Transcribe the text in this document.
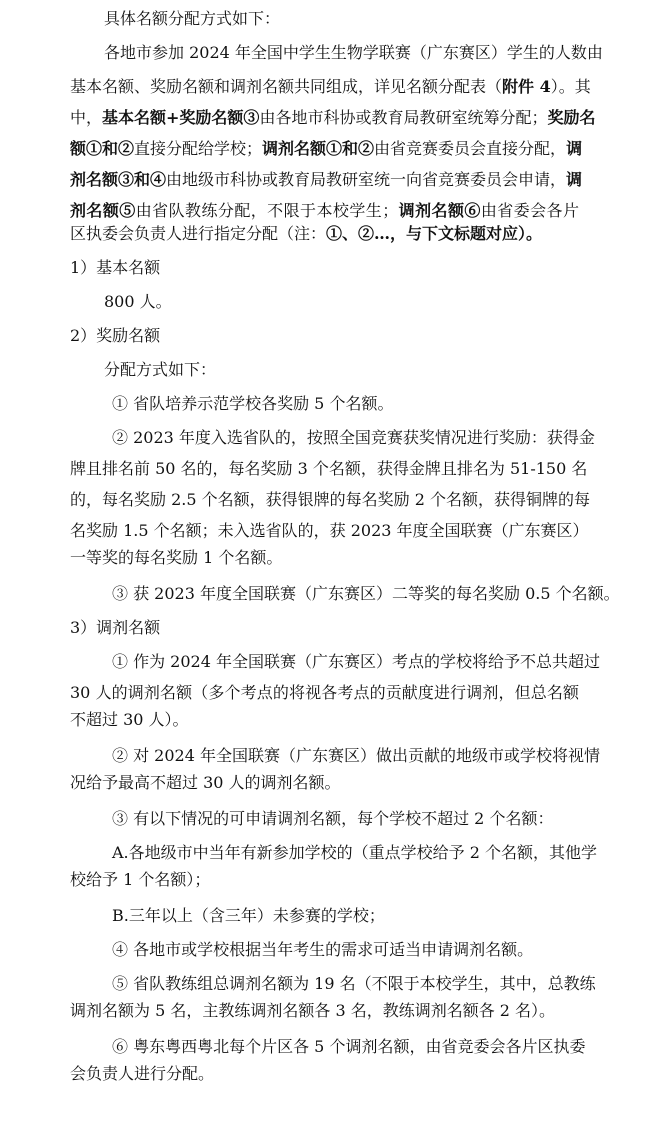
具体名额分配方式如下：
各地市参加 2024 年全国中学生生物学联赛（广东赛区）学生的人数由
基本名额、奖励名额和调剂名额共同组成，详见名额分配表（附件 4）。其
中，基本名额+奖励名额③由各地市科协或教育局教研室统筹分配；奖励名
额①和②直接分配给学校；调剂名额①和②由省竞赛委员会直接分配，调
剂名额③和④由地级市科协或教育局教研室统一向省竞赛委员会申请，调
剂名额⑤由省队教练分配，不限于本校学生；调剂名额⑥由省委会各片
区执委会负责人进行指定分配（注：①、②…，与下文标题对应）。
1）基本名额
800 人。
2）奖励名额
分配方式如下：
① 省队培养示范学校各奖励 5 个名额。
② 2023 年度入选省队的，按照全国竞赛获奖情况进行奖励：获得金
牌且排名前 50 名的，每名奖励 3 个名额，获得金牌且排名为 51-150 名
的，每名奖励 2.5 个名额，获得银牌的每名奖励 2 个名额，获得铜牌的每
名奖励 1.5 个名额；未入选省队的，获 2023 年度全国联赛（广东赛区）
一等奖的每名奖励 1 个名额。
③ 获 2023 年度全国联赛（广东赛区）二等奖的每名奖励 0.5 个名额。
3）调剂名额
① 作为 2024 年全国联赛（广东赛区）考点的学校将给予不总共超过
30 人的调剂名额（多个考点的将视各考点的贡献度进行调剂，但总名额
不超过 30 人）。
② 对 2024 年全国联赛（广东赛区）做出贡献的地级市或学校将视情
况给予最高不超过 30 人的调剂名额。
③ 有以下情况的可申请调剂名额，每个学校不超过 2 个名额：
A.各地级市中当年有新参加学校的（重点学校给予 2 个名额，其他学
校给予 1 个名额）；
B.三年以上（含三年）未参赛的学校；
④ 各地市或学校根据当年考生的需求可适当申请调剂名额。
⑤ 省队教练组总调剂名额为 19 名（不限于本校学生，其中，总教练
调剂名额为 5 名，主教练调剂名额各 3 名，教练调剂名额各 2 名）。
⑥ 粤东粤西粤北每个片区各 5 个调剂名额，由省竞委会各片区执委
会负责人进行分配。
